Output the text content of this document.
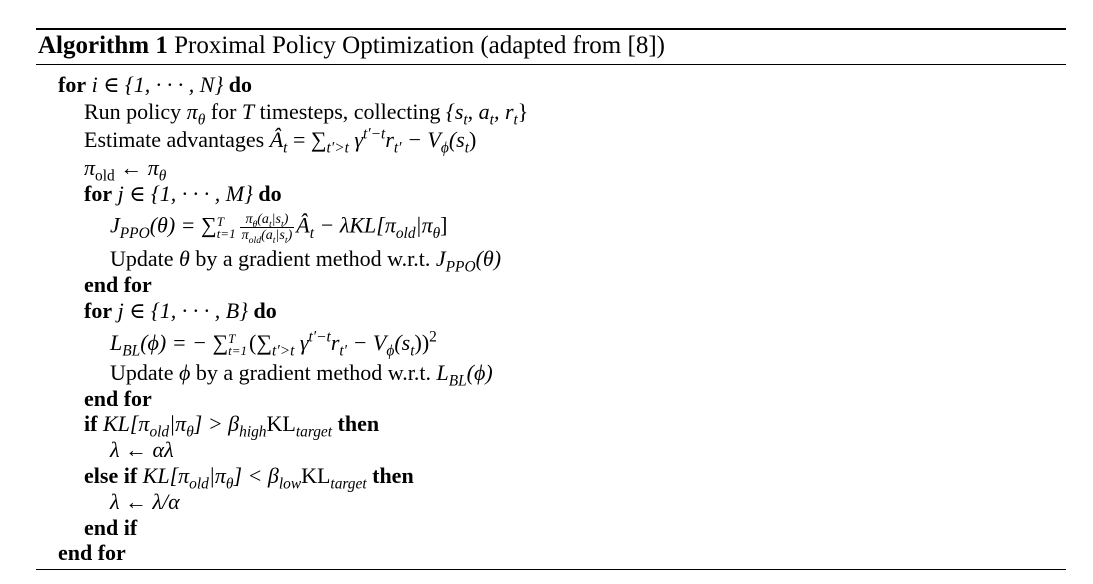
Algorithm 1 Proximal Policy Optimization (adapted from [8])
for i ∈ {1, · · · , N} do
Run policy $\pi_\theta$ for T timesteps, collecting {$s_t$, $a_t$, $r_t$}
Estimate advantages $Â_t = \sum_{t'>t}$ $\gamma^{t'-t}r_{t'} - V_\phi(s_t)$
$\pi_{old}$ ← $\pi_\theta$
for j ∈ {1, · · · , M} do
$J_{PPO}(\theta)$ = ∑ T
$t=1 \frac{\pi_\theta(a_t|s_t)}{\pi_{old}(a_t|s_t)}$ $Â_t - \lambda KL[\pi_{old}|\pi_\theta]$
Update θ by a gradient method w.r.t. $J_{PPO}(\theta)$
end for
for j ∈ {1, · · · , B} do
$L_{BL}(\phi)$ = − ∑ T
t=1 ($\sum_{t'>t}$ $\gamma^{t'-t}r_{t'} - V_\phi(s_t))^2$
Update ϕ by a gradient method w.r.t. $L_{BL}(\phi)$
end for
if $KL[\pi_{old}|\pi_\theta] > \beta_{high}KL_{target}$ then
λ ← αλ
else if $KL[\pi_{old}|\pi_\theta] < \beta_{low}KL_{target}$ then
λ ← λ/α
end if
end for
